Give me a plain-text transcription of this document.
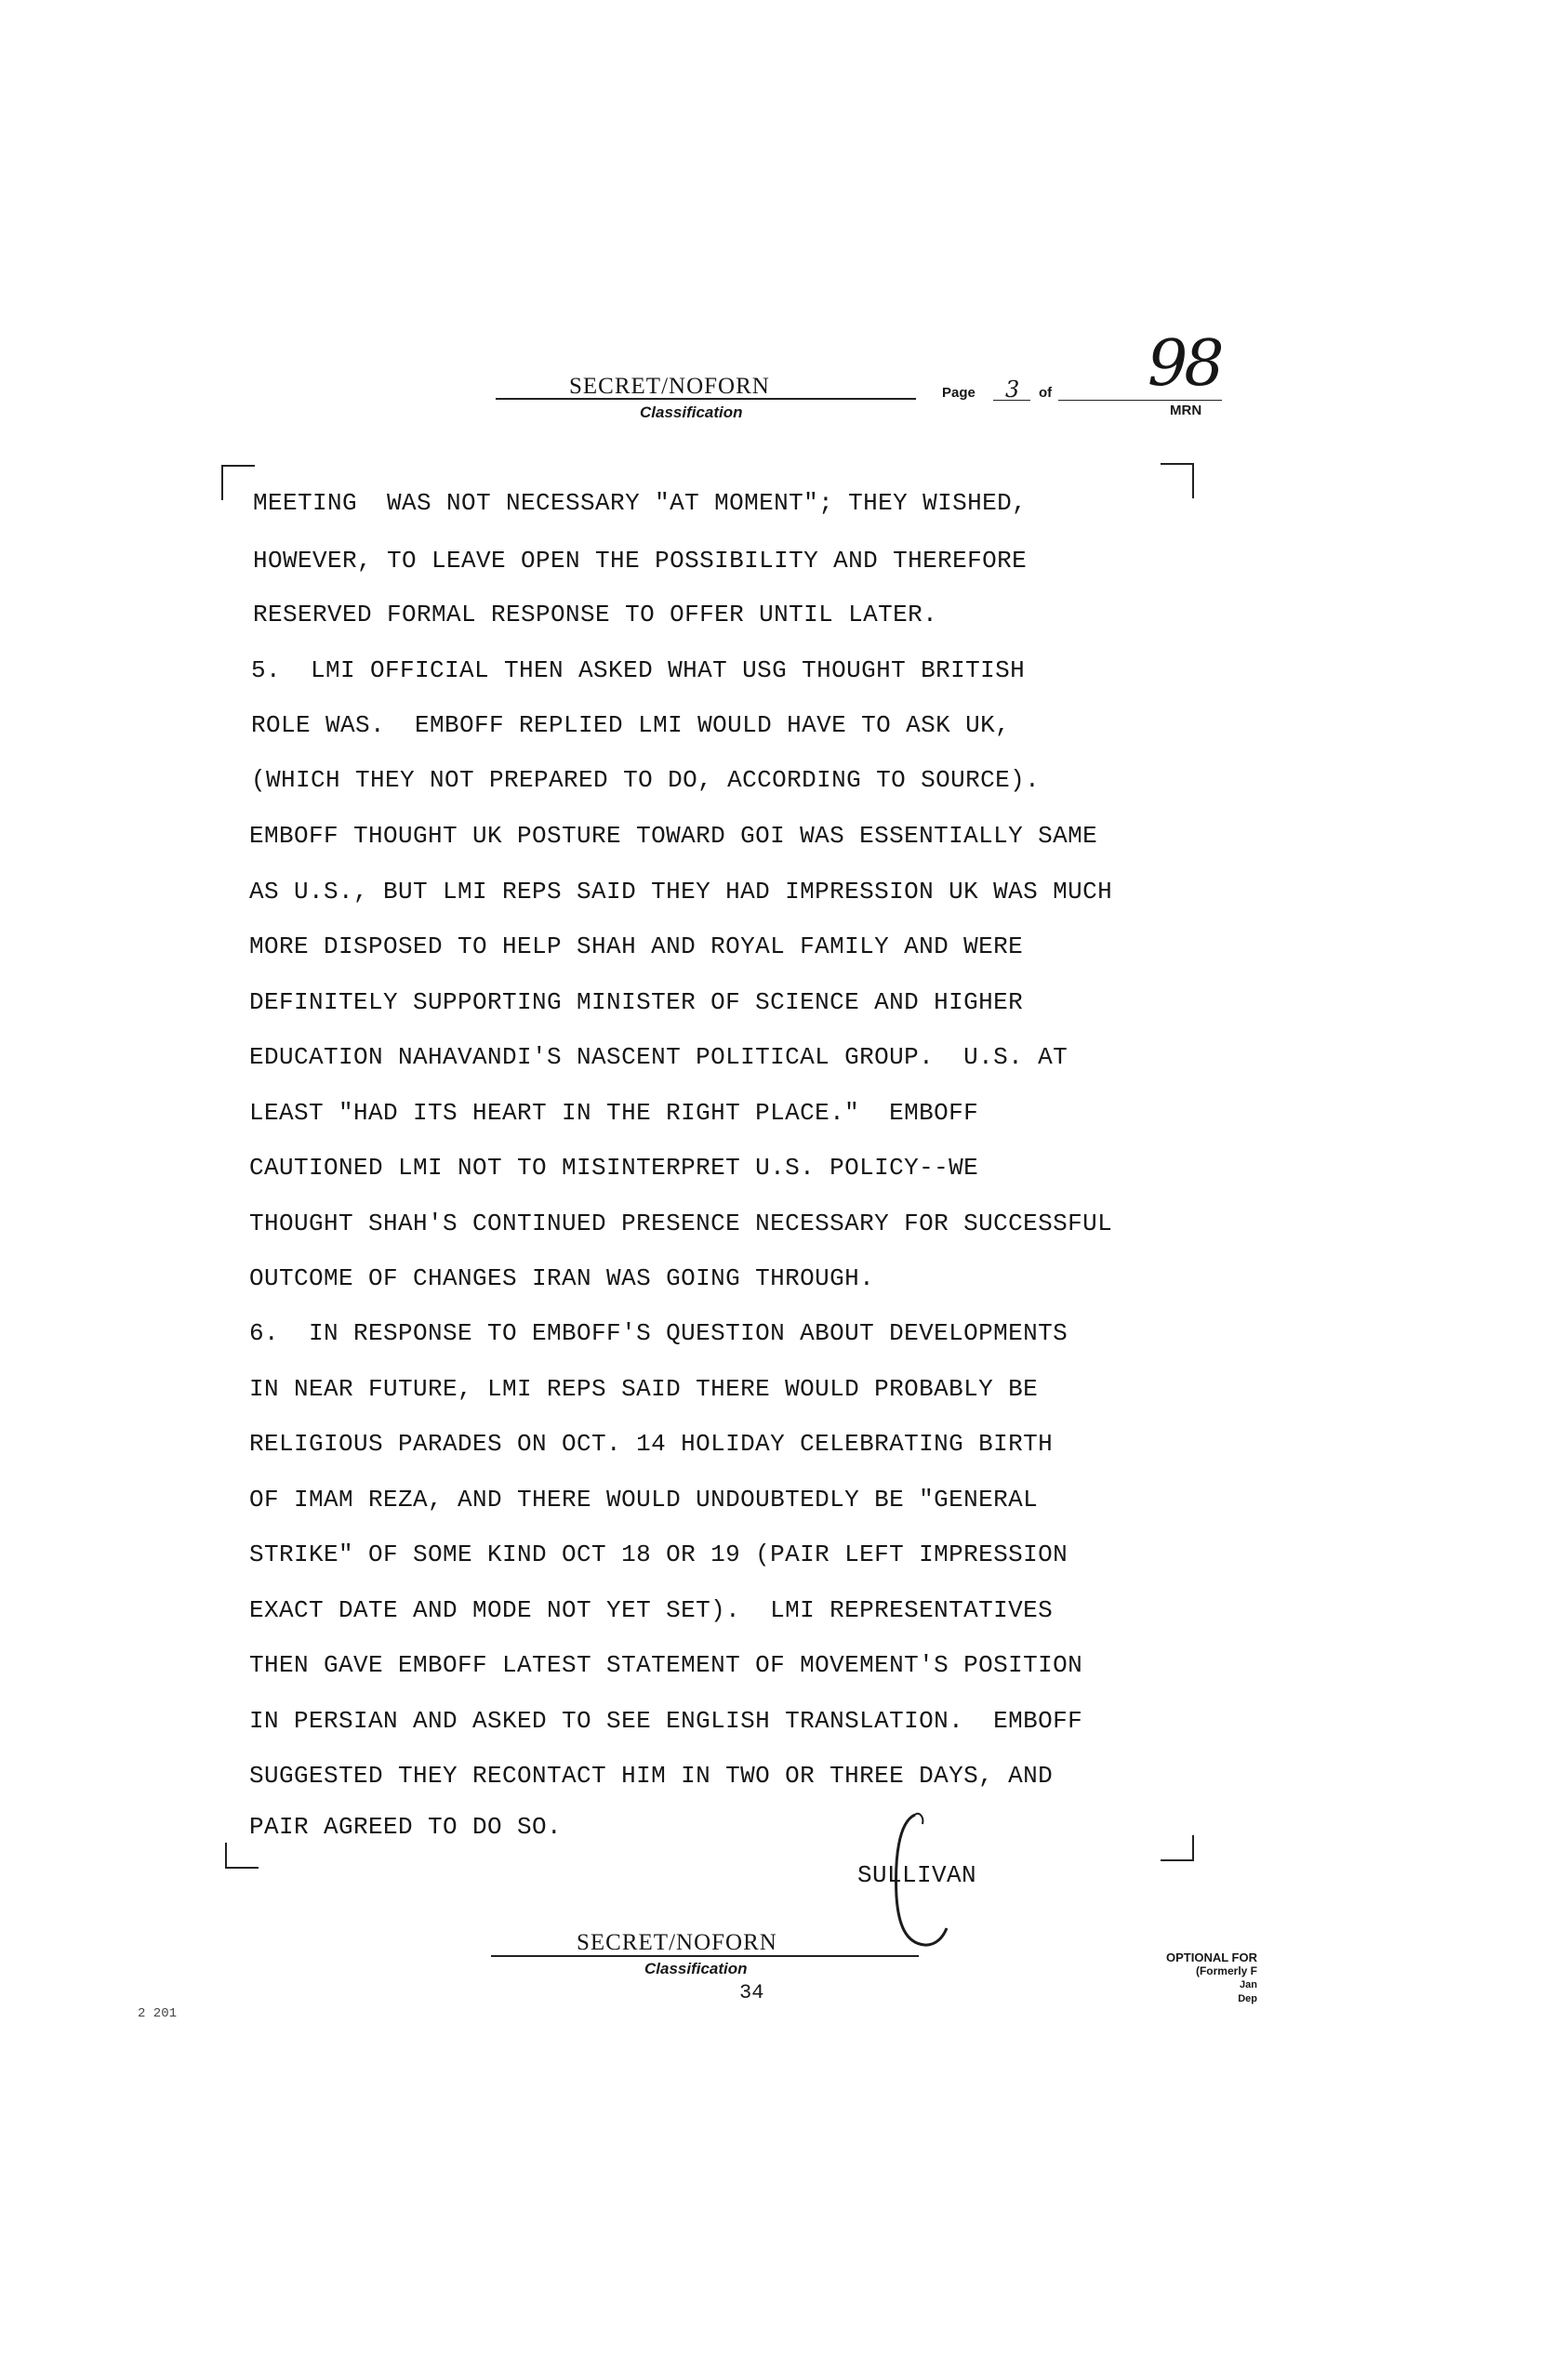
SECRET/NOFORN
Classification
Page 3 of 98
MRN
MEETING  WAS NOT NECESSARY "AT MOMENT"; THEY WISHED,
HOWEVER, TO LEAVE OPEN THE POSSIBILITY AND THEREFORE
RESERVED FORMAL RESPONSE TO OFFER UNTIL LATER.
5.  LMI OFFICIAL THEN ASKED WHAT USG THOUGHT BRITISH
ROLE WAS.  EMBOFF REPLIED LMI WOULD HAVE TO ASK UK,
(WHICH THEY NOT PREPARED TO DO, ACCORDING TO SOURCE).
EMBOFF THOUGHT UK POSTURE TOWARD GOI WAS ESSENTIALLY SAME
AS U.S., BUT LMI REPS SAID THEY HAD IMPRESSION UK WAS MUCH
MORE DISPOSED TO HELP SHAH AND ROYAL FAMILY AND WERE
DEFINITELY SUPPORTING MINISTER OF SCIENCE AND HIGHER
EDUCATION NAHAVANDI'S NASCENT POLITICAL GROUP.  U.S. AT
LEAST "HAD ITS HEART IN THE RIGHT PLACE."  EMBOFF
CAUTIONED LMI NOT TO MISINTERPRET U.S. POLICY--WE
THOUGHT SHAH'S CONTINUED PRESENCE NECESSARY FOR SUCCESSFUL
OUTCOME OF CHANGES IRAN WAS GOING THROUGH.
6.  IN RESPONSE TO EMBOFF'S QUESTION ABOUT DEVELOPMENTS
IN NEAR FUTURE, LMI REPS SAID THERE WOULD PROBABLY BE
RELIGIOUS PARADES ON OCT. 14 HOLIDAY CELEBRATING BIRTH
OF IMAM REZA, AND THERE WOULD UNDOUBTEDLY BE "GENERAL
STRIKE" OF SOME KIND OCT 18 OR 19 (PAIR LEFT IMPRESSION
EXACT DATE AND MODE NOT YET SET).  LMI REPRESENTATIVES
THEN GAVE EMBOFF LATEST STATEMENT OF MOVEMENT'S POSITION
IN PERSIAN AND ASKED TO SEE ENGLISH TRANSLATION.  EMBOFF
SUGGESTED THEY RECONTACT HIM IN TWO OR THREE DAYS, AND
PAIR AGREED TO DO SO.
SULLIVAN
SECRET/NOFORN
Classification
34
OPTIONAL FOR
(Formerly F
Jan
Dep
2 201
